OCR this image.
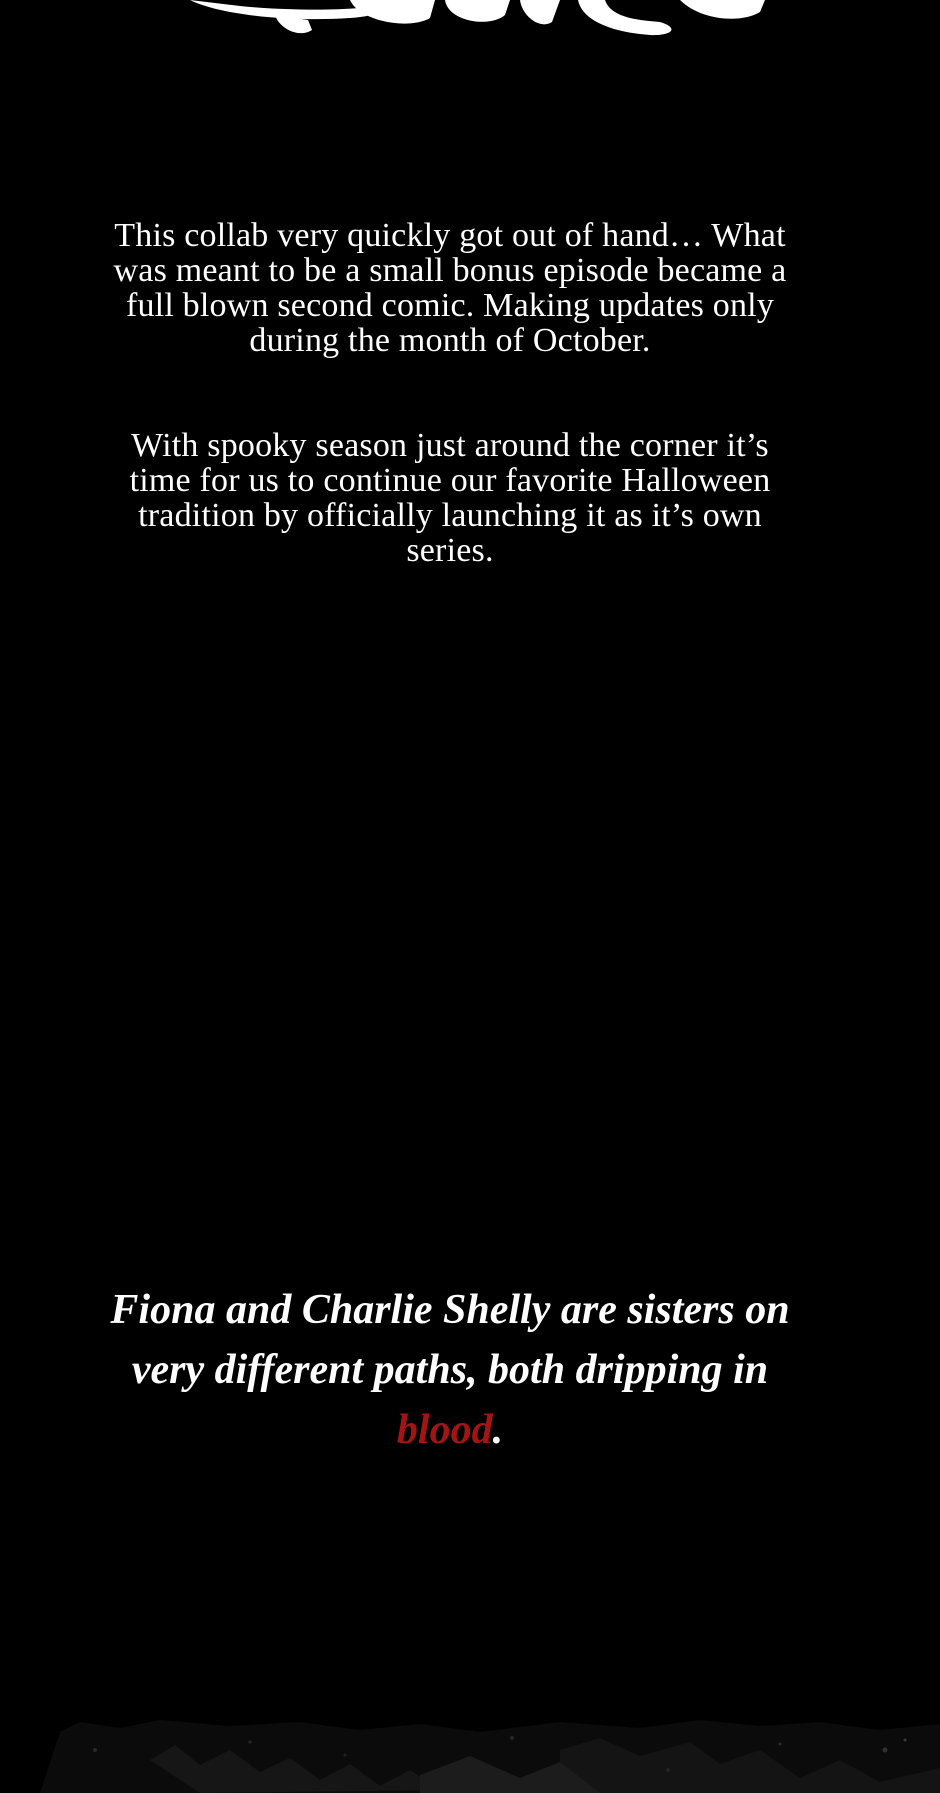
This collab very quickly got out of hand… What was meant to be a small bonus episode became a full blown second comic. Making updates only during the month of October.

With spooky season just around the corner it’s time for us to continue our favorite Halloween tradition by officially launching it as it’s own series.

Fiona and Charlie Shelly are sisters on very different paths, both dripping in blood.
